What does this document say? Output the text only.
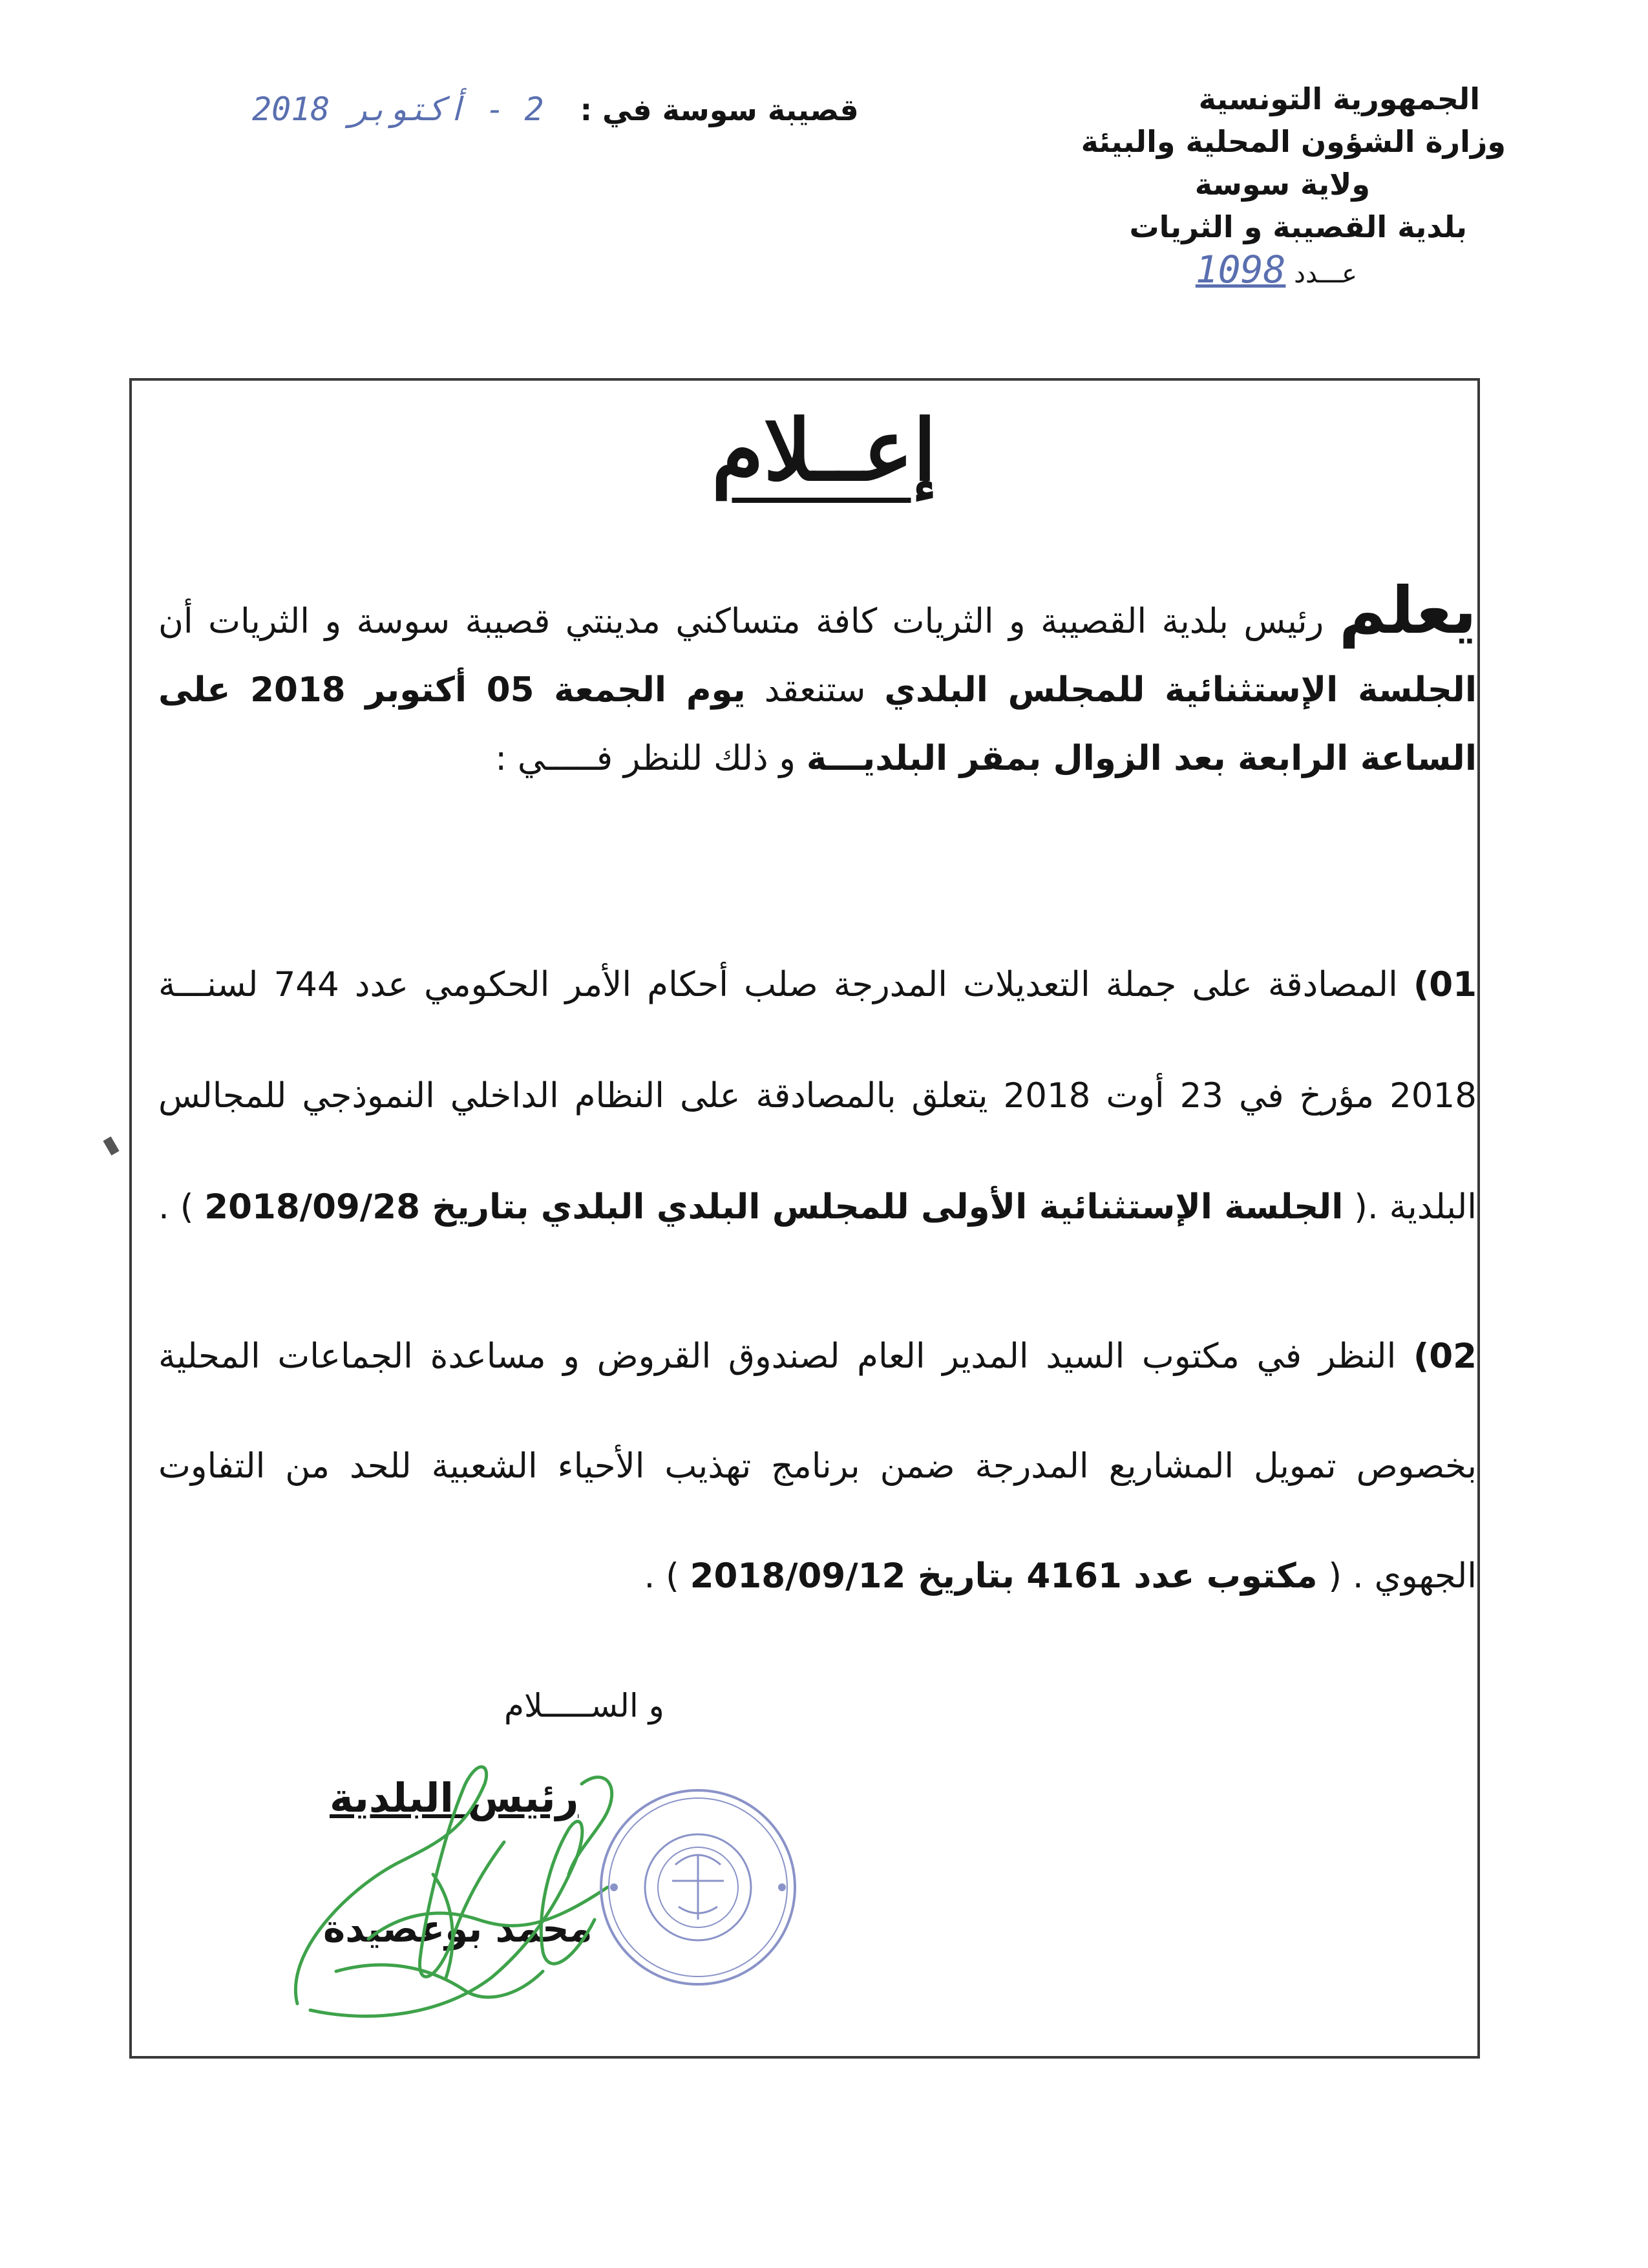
الجمهورية التونسية
وزارة الشؤون المحلية والبيئة
ولاية سوسة
بلدية القصيبة و الثريات
عـــدد 1098
قصيبة سوسة في : 2 - أكتوبر 2018
إعــلام

يعلم رئيس بلدية القصيبة و الثريات كافة متساكني مدينتي قصيبة سوسة و الثريات أن الجلسة الإستثنائية للمجلس البلدي ستنعقد يوم الجمعة 05 أكتوبر 2018 على الساعة الرابعة بعد الزوال بمقر البلديـــة و ذلك للنظر فـــــي :

01) المصادقة على جملة التعديلات المدرجة صلب أحكام الأمر الحكومي عدد 744 لسنـــة 2018 مؤرخ في 23 أوت 2018 يتعلق بالمصادقة على النظام الداخلي النموذجي للمجالس البلدية .( الجلسة الإستثنائية الأولى للمجلس البلدي البلدي بتاريخ 2018/09/28 ) .

02) النظر في مكتوب السيد المدير العام لصندوق القروض و مساعدة الجماعات المحلية بخصوص تمويل المشاريع المدرجة ضمن برنامج تهذيب الأحياء الشعبية للحد من التفاوت الجهوي . ( مكتوب عدد 4161 بتاريخ 2018/09/12 ) .

و الســـــلام
رئيس البلدية
محمد بوعصيدة
